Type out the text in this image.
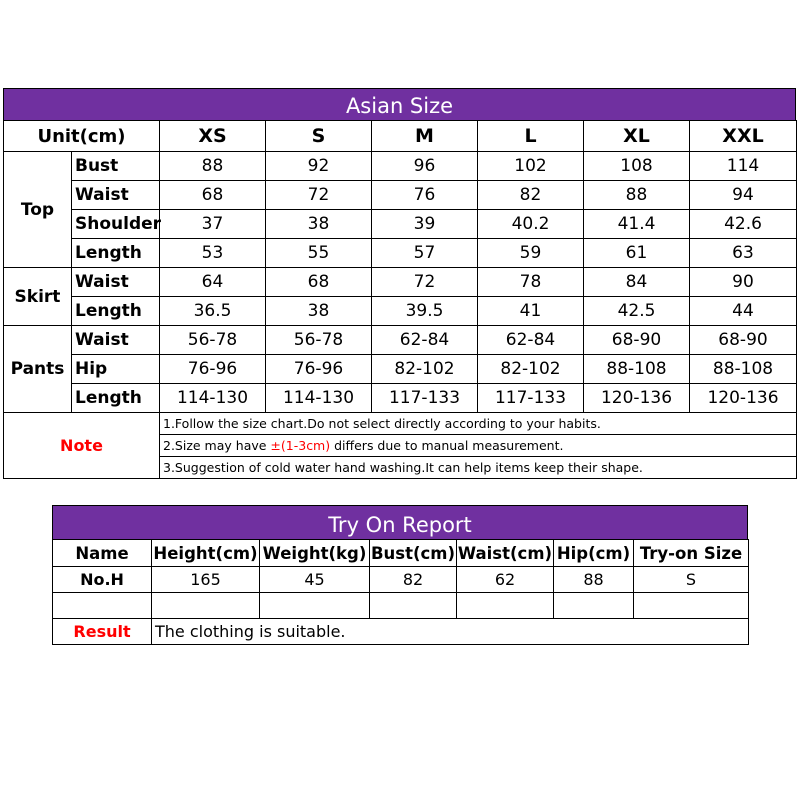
Asian Size
Unit(cm)		XS	S	M	L	XL	XXL
Top	Bust	88	92	96	102	108	114
	Waist	68	72	76	82	88	94
	Shoulder	37	38	39	40.2	41.4	42.6
	Length	53	55	57	59	61	63
Skirt	Waist	64	68	72	78	84	90
	Length	36.5	38	39.5	41	42.5	44
Pants	Waist	56-78	56-78	62-84	62-84	68-90	68-90
	Hip	76-96	76-96	82-102	82-102	88-108	88-108
	Length	114-130	114-130	117-133	117-133	120-136	120-136
Note		1.Follow the size chart.Do not select directly according to your habits.					
		2.Size may have ±(1-3cm) differs due to manual measurement.					
		3.Suggestion of cold water hand washing.It can help items keep their shape.					
Try On Report
Name	Height(cm)	Weight(kg)	Bust(cm)	Waist(cm)	Hip(cm)	Try-on Size
No.H	165	45	82	62	88	S

Result	The clothing is suitable.					
